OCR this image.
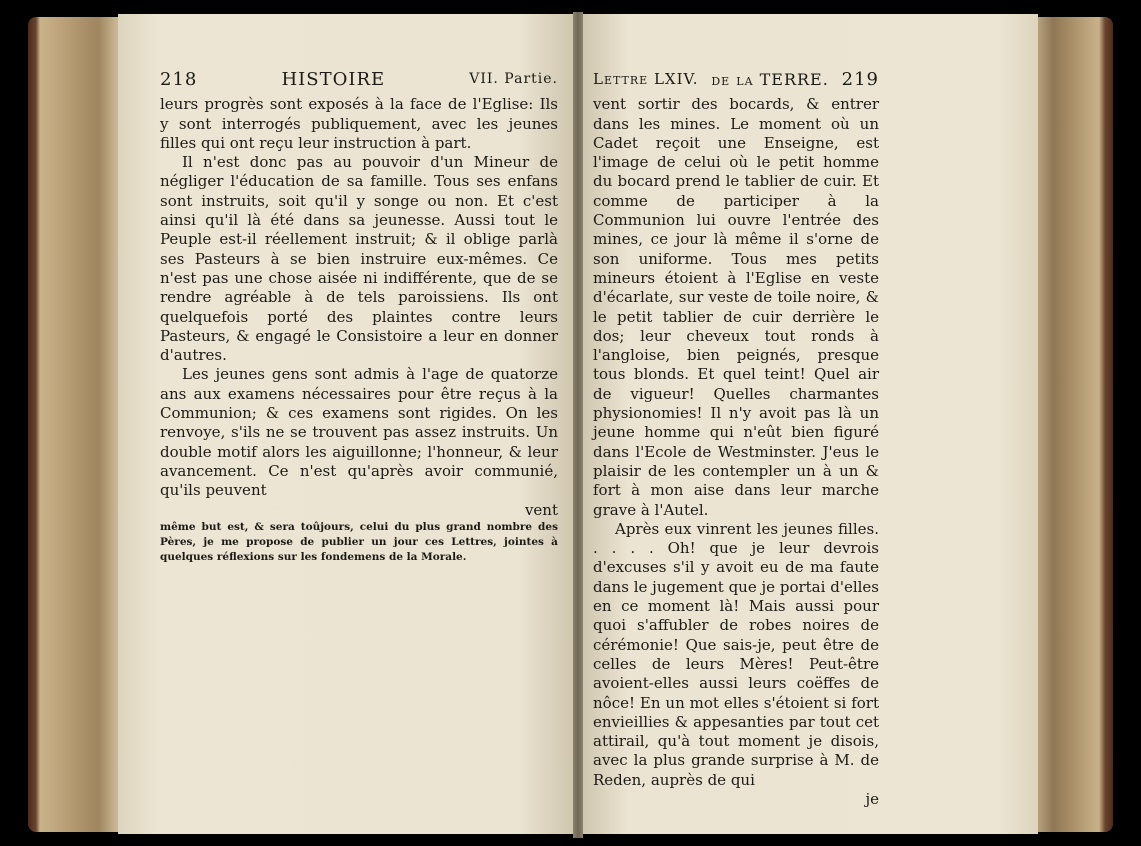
218	HISTOIRE	VII. Partie.

leurs progrès sont exposés à la face de l'Eglise: Ils y sont interrogés publiquement, avec les jeunes filles qui ont reçu leur instruction à part.

Il n'est donc pas au pouvoir d'un Mineur de négliger l'éducation de sa famille. Tous ses enfans sont instruits, soit qu'il y songe ou non. Et c'est ainsi qu'il là été dans sa jeunesse. Aussi tout le Peuple est-il réellement instruit; & il oblige parlà ses Pasteurs à se bien instruire eux-mêmes. Ce n'est pas une chose aisée ni indifférente, que de se rendre agréable à de tels paroissiens. Ils ont quelquefois porté des plaintes contre leurs Pasteurs, & engagé le Consistoire a leur en donner d'autres.

Les jeunes gens sont admis à l'age de quatorze ans aux examens nécessaires pour être reçus à la Communion; & ces examens sont rigides. On les renvoye, s'ils ne se trouvent pas assez instruits. Un double motif alors les aiguillonne; l'honneur, & leur avancement. Ce n'est qu'après avoir communié, qu'ils peuvent

vent

même but est, & sera toûjours, celui du plus grand nombre des Pères, je me propose de publier un jour ces Lettres, jointes à quelques réflexions sur les fondemens de la Morale.

Lettre LXIV. de la TERRE. 219

vent sortir des bocards, & entrer dans les mines. Le moment où un Cadet reçoit une Enseigne, est l'image de celui où le petit homme du bocard prend le tablier de cuir. Et comme de participer à la Communion lui ouvre l'entrée des mines, ce jour là même il s'orne de son uniforme. Tous mes petits mineurs étoient à l'Eglise en veste d'écarlate, sur veste de toile noire, & le petit tablier de cuir derrière le dos; leur cheveux tout ronds à l'angloise, bien peignés, presque tous blonds. Et quel teint! Quel air de vigueur! Quelles charmantes physionomies! Il n'y avoit pas là un jeune homme qui n'eût bien figuré dans l'Ecole de Westminster. J'eus le plaisir de les contempler un à un & fort à mon aise dans leur marche grave à l'Autel.

Après eux vinrent les jeunes filles. . . . . Oh! que je leur devrois d'excuses s'il y avoit eu de ma faute dans le jugement que je portai d'elles en ce moment là! Mais aussi pour quoi s'affubler de robes noires de cérémonie! Que sais-je, peut être de celles de leurs Mères! Peut-être avoient-elles aussi leurs coëffes de nôce! En un mot elles s'étoient si fort envieillies & appesanties par tout cet attirail, qu'à tout moment je disois, avec la plus grande surprise à M. de Reden, auprès de qui

je
